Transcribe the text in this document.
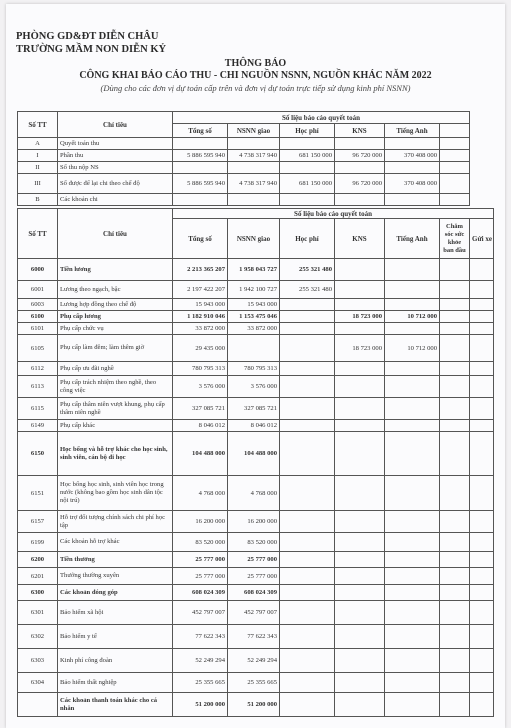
PHÒNG GD&ĐT DIỄN CHÂU
TRƯỜNG MẦM NON DIỄN KỶ
THÔNG BÁO
CÔNG KHAI BÁO CÁO THU - CHI NGUỒN NSNN, NGUỒN KHÁC NĂM 2022
(Dùng cho các đơn vị dự toán cấp trên và đơn vị dự toán trực tiếp sử dụng kinh phí NSNN)
Số TT	Chỉ tiêu	Số liệu báo cáo quyết toán					
		Tổng số	NSNN giao	Học phí	KNS	Tiếng Anh	
A	Quyết toán thu						
I	Phần thu	5 886 595 940	4 738 317 940	681 150 000	96 720 000	370 408 000	
II	Số thu nộp NS						
III	Số được để lại chi theo chế độ	5 886 595 940	4 738 317 940	681 150 000	96 720 000	370 408 000	
B	Các khoản chi						
Số TT	Chỉ tiêu	Số liệu báo cáo quyết toán						
		Tổng số	NSNN giao	Học phí	KNS	Tiếng Anh	Chăm sóc sức khỏe ban đầu	Gửi xe
6000	Tiền lương	2 213 365 207	1 958 043 727	255 321 480				
6001	Lương theo ngạch, bậc	2 197 422 207	1 942 100 727	255 321 480				
6003	Lương hợp đồng theo chế độ	15 943 000	15 943 000					
6100	Phụ cấp lương	1 182 910 046	1 153 475 046		18 723 000	10 712 000		
6101	Phụ cấp chức vụ	33 872 000	33 872 000					
6105	Phụ cấp làm đêm; làm thêm giờ	29 435 000			18 723 000	10 712 000		
6112	Phụ cấp ưu đãi nghề	780 795 313	780 795 313					
6113	Phụ cấp trách nhiệm theo nghề, theo công việc	3 576 000	3 576 000					
6115	Phụ cấp thâm niên vượt khung, phụ cấp thâm niên nghề	327 085 721	327 085 721					
6149	Phụ cấp khác	8 046 012	8 046 012					
6150	Học bổng và hỗ trợ khác cho học sinh, sinh viên, cán bộ đi học	104 488 000	104 488 000					
6151	Học bổng học sinh, sinh viên học trong nước (không bao gồm học sinh dân tộc nội trú)	4 768 000	4 768 000					
6157	Hỗ trợ đối tượng chính sách chi phí học tập	16 200 000	16 200 000					
6199	Các khoản hỗ trợ khác	83 520 000	83 520 000					
6200	Tiền thưởng	25 777 000	25 777 000					
6201	Thưởng thường xuyên	25 777 000	25 777 000					
6300	Các khoản đóng góp	608 024 309	608 024 309					
6301	Bảo hiểm xã hội	452 797 007	452 797 007					
6302	Bảo hiểm y tế	77 622 343	77 622 343					
6303	Kinh phí công đoàn	52 249 294	52 249 294					
6304	Bảo hiểm thất nghiệp	25 355 665	25 355 665					
	Các khoản thanh toán khác cho cá nhân	51 200 000	51 200 000					
